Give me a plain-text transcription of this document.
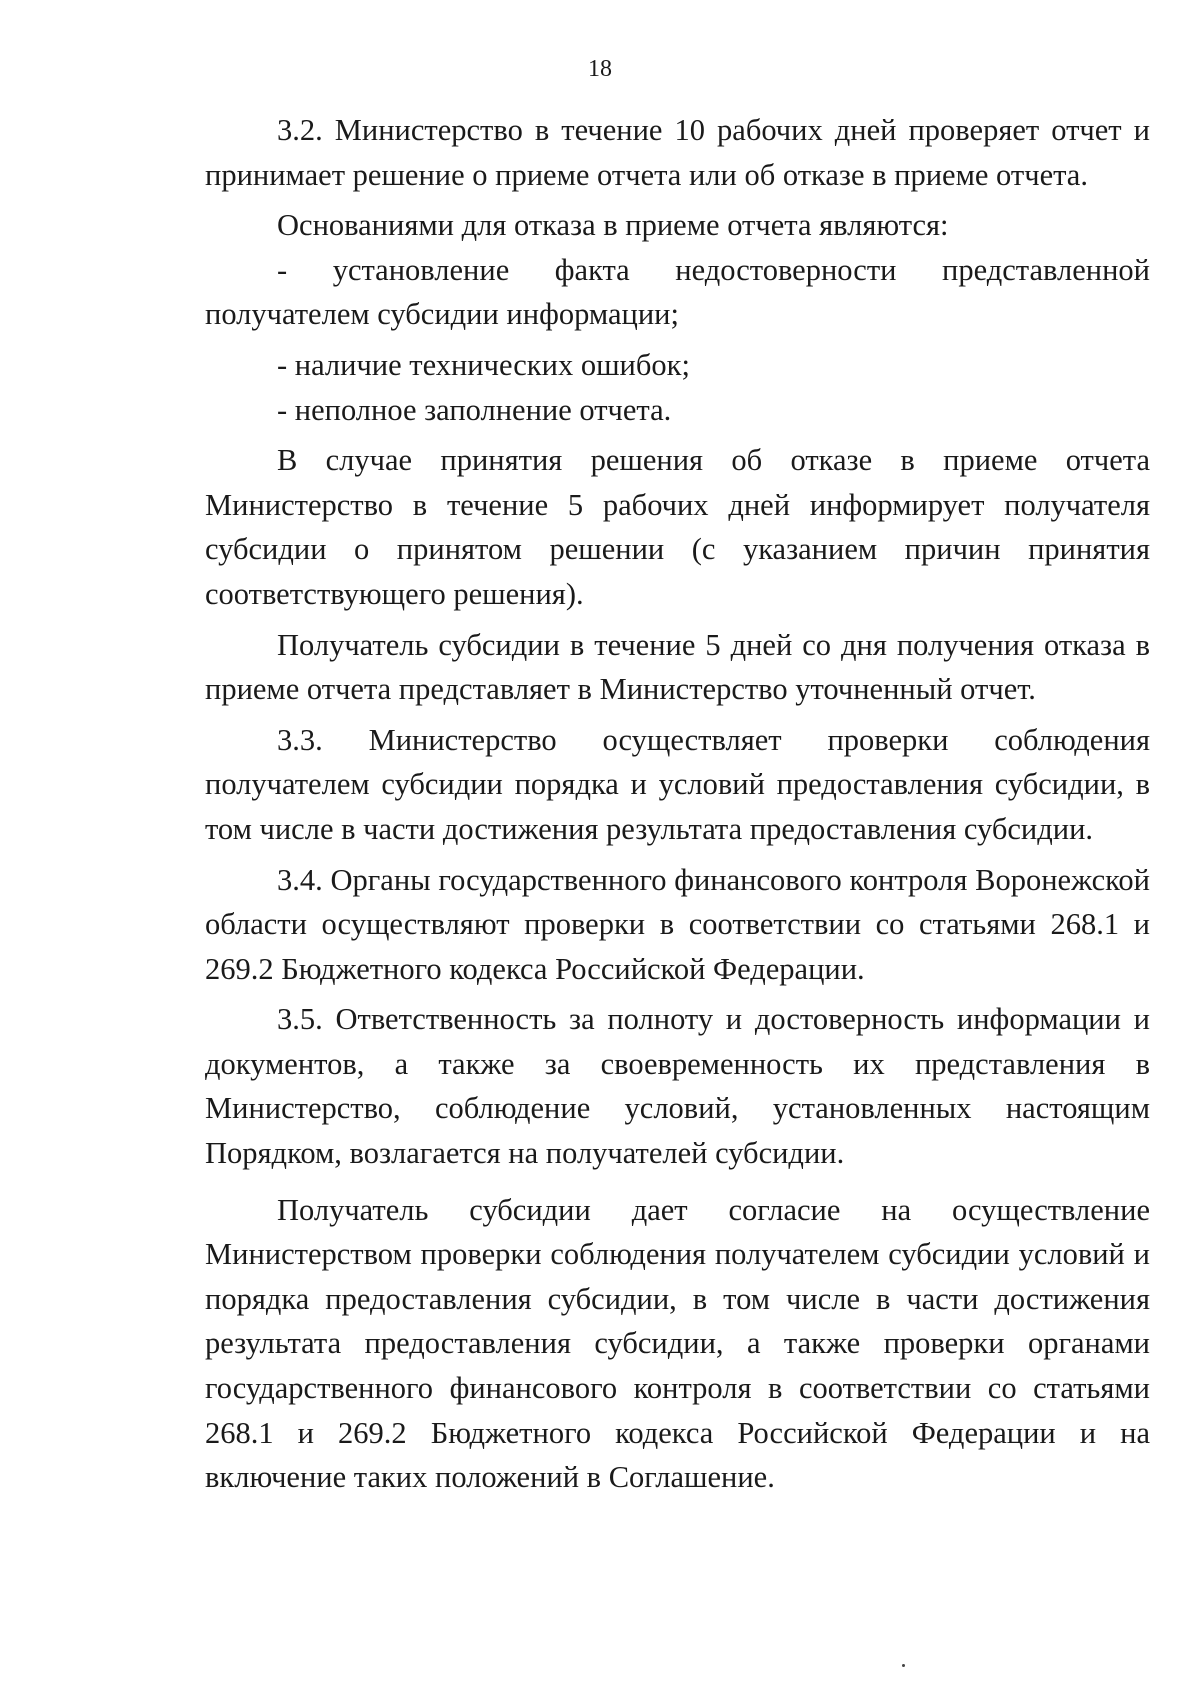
18

3.2. Министерство в течение 10 рабочих дней проверяет отчет и принимает решение о приеме отчета или об отказе в приеме отчета.

Основаниями для отказа в приеме отчета являются:

- установление факта недостоверности представленной получателем субсидии информации;

- наличие технических ошибок;

- неполное заполнение отчета.

В случае принятия решения об отказе в приеме отчета Министерство в течение 5 рабочих дней информирует получателя субсидии о принятом решении (с указанием причин принятия соответствующего решения).

Получатель субсидии в течение 5 дней со дня получения отказа в приеме отчета представляет в Министерство уточненный отчет.

3.3. Министерство осуществляет проверки соблюдения получателем субсидии порядка и условий предоставления субсидии, в том числе в части достижения результата предоставления субсидии.

3.4. Органы государственного финансового контроля Воронежской области осуществляют проверки в соответствии со статьями 268.1 и 269.2 Бюджетного кодекса Российской Федерации.

3.5. Ответственность за полноту и достоверность информации и документов, а также за своевременность их представления в Министерство, соблюдение условий, установленных настоящим Порядком, возлагается на получателей субсидии.

Получатель субсидии дает согласие на осуществление Министерством проверки соблюдения получателем субсидии условий и порядка предоставления субсидии, в том числе в части достижения результата предоставления субсидии, а также проверки органами государственного финансового контроля в соответствии со статьями 268.1 и 269.2 Бюджетного кодекса Российской Федерации и на включение таких положений в Соглашение.
